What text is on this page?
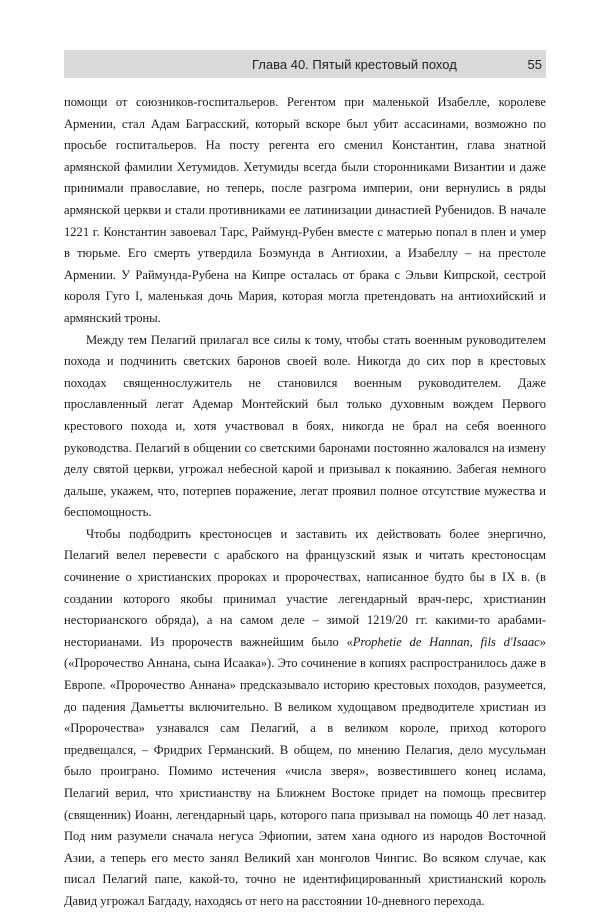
Глава 40. Пятый крестовый поход	55

помощи от союзников-госпитальеров. Регентом при маленькой Изабелле, королеве Армении, стал Адам Баграсский, который вскоре был убит ассасинами, возможно по просьбе госпитальеров. На посту регента его сменил Константин, глава знатной армянской фамилии Хетумидов. Хетумиды всегда были сторонниками Византии и даже принимали православие, но теперь, после разгрома империи, они вернулись в ряды армянской церкви и стали противниками ее латинизации династией Рубенидов. В начале 1221 г. Константин завоевал Тарс, Раймунд-Рубен вместе с матерью попал в плен и умер в тюрьме. Его смерть утвердила Боэмунда в Антиохии, а Изабеллу – на престоле Армении. У Раймунда-Рубена на Кипре осталась от брака с Эльви Кипрской, сестрой короля Гуго I, маленькая дочь Мария, которая могла претендовать на антиохийский и армянский троны.

Между тем Пелагий прилагал все силы к тому, чтобы стать военным руководителем похода и подчинить светских баронов своей воле. Никогда до сих пор в крестовых походах священнослужитель не становился военным руководителем. Даже прославленный легат Адемар Монтейский был только духовным вождем Первого крестового похода и, хотя участвовал в боях, никогда не брал на себя военного руководства. Пелагий в общении со светскими баронами постоянно жаловался на измену делу святой церкви, угрожал небесной карой и призывал к покаянию. Забегая немного дальше, укажем, что, потерпев поражение, легат проявил полное отсутствие мужества и беспомощность.

Чтобы подбодрить крестоносцев и заставить их действовать более энергично, Пелагий велел перевести с арабского на французский язык и читать крестоносцам сочинение о христианских пророках и пророчествах, написанное будто бы в IX в. (в создании которого якобы принимал участие легендарный врач-перс, христианин несторианского обряда), а на самом деле – зимой 1219/20 гг. какими-то арабами-несторианами. Из пророчеств важнейшим было «Prophetie de Hannan, fils d'Isaac» («Пророчество Аннана, сына Исаака»). Это сочинение в копиях распространилось даже в Европе. «Пророчество Аннана» предсказывало историю крестовых походов, разумеется, до падения Дамьетты включительно. В великом худощавом предводителе христиан из «Пророчества» узнавался сам Пелагий, а в великом короле, приход которого предвещался, – Фридрих Германский. В общем, по мнению Пелагия, дело мусульман было проиграно. Помимо истечения «числа зверя», возвестившего конец ислама, Пелагий верил, что христианству на Ближнем Востоке придет на помощь пресвитер (священник) Иоанн, легендарный царь, которого папа призывал на помощь 40 лет назад. Под ним разумели сначала негуса Эфиопии, затем хана одного из народов Восточной Азии, а теперь его место занял Великий хан монголов Чингис. Во всяком случае, как писал Пелагий папе, какой-то, точно не идентифицированный христианский король Давид угрожал Багдаду, находясь от него на расстоянии 10-дневного перехода.
